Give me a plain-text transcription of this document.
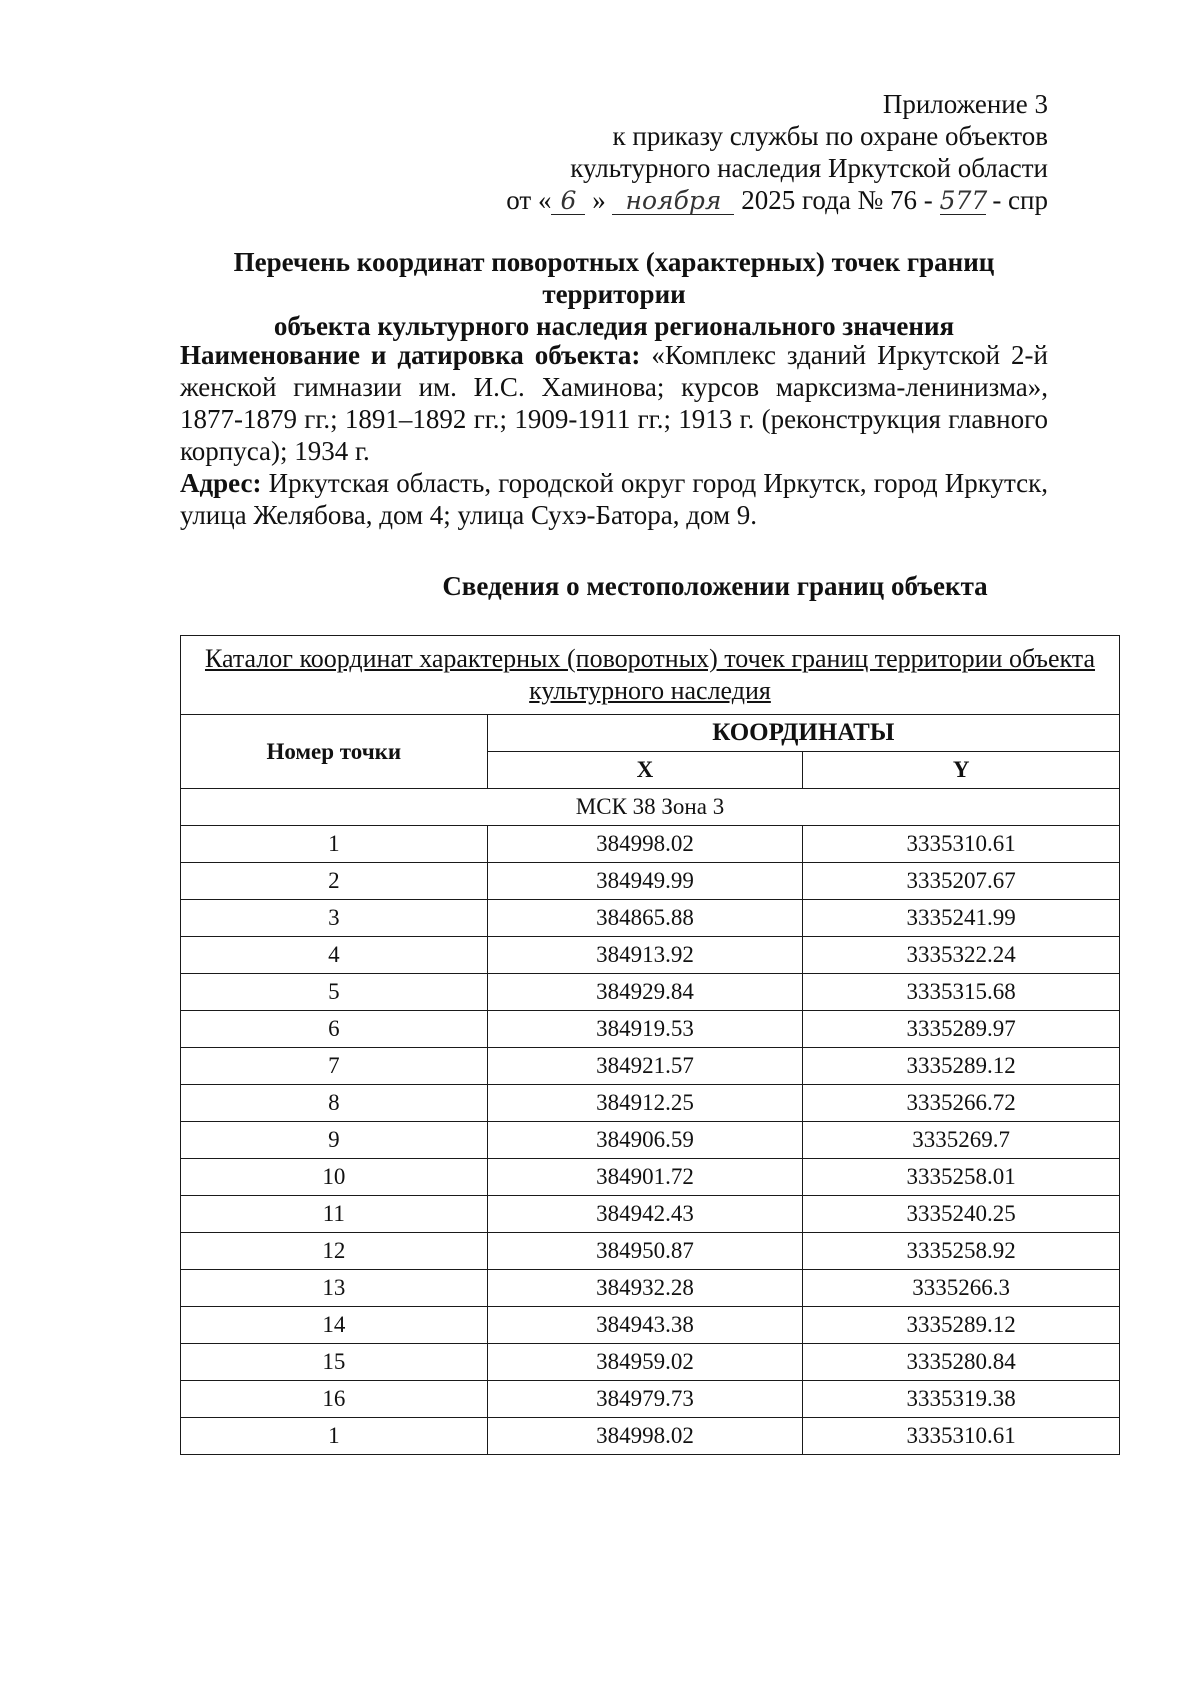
Приложение 3
к приказу службы по охране объектов
культурного наследия Иркутской области
от « 6 » ноября 2025 года № 76 - 577 - спр
Перечень координат поворотных (характерных) точек границ территории
объекта культурного наследия регионального значения

Наименование и датировка объекта: «Комплекс зданий Иркутской 2-й женской гимназии им. И.С. Хаминова; курсов марксизма-ленинизма», 1877-1879 гг.; 1891–1892 гг.; 1909-1911 гг.; 1913 г. (реконструкция главного корпуса); 1934 г.

Адрес: Иркутская область, городской округ город Иркутск, город Иркутск, улица Желябова, дом 4; улица Сухэ-Батора, дом 9.

Сведения о местоположении границ объекта
Каталог координат характерных (поворотных) точек границ территории объекта культурного наследия		
Номер точки	КООРДИНАТЫ	
	X	Y
МСК 38 Зона 3		
1	384998.02	3335310.61
2	384949.99	3335207.67
3	384865.88	3335241.99
4	384913.92	3335322.24
5	384929.84	3335315.68
6	384919.53	3335289.97
7	384921.57	3335289.12
8	384912.25	3335266.72
9	384906.59	3335269.7
10	384901.72	3335258.01
11	384942.43	3335240.25
12	384950.87	3335258.92
13	384932.28	3335266.3
14	384943.38	3335289.12
15	384959.02	3335280.84
16	384979.73	3335319.38
1	384998.02	3335310.61
